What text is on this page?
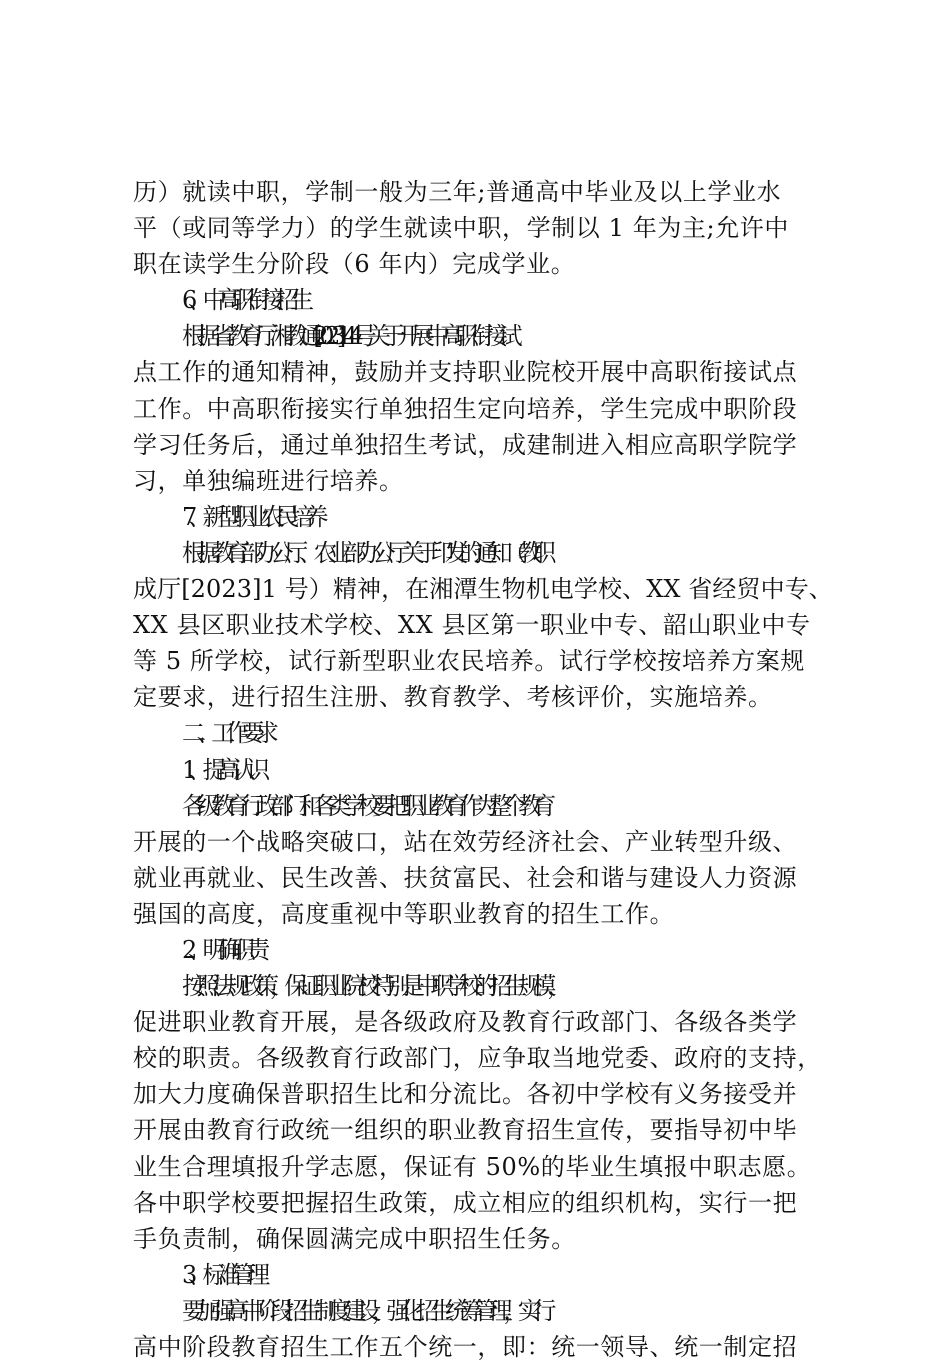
历）就读中职，学制一般为三年;普通高中毕业及以上学业水
平（或同等学力）的学生就读中职，学制以 1 年为主;允许中
职在读学生分阶段（6 年内）完成学业。
6、中高职衔接招生
根据省教育厅湘教通[2023]144 号关于开展中高职衔接试
点工作的通知精神，鼓励并支持职业院校开展中高职衔接试点
工作。中高职衔接实行单独招生定向培养，学生完成中职阶段
学习任务后，通过单独招生考试，成建制进入相应高职学院学
习，单独编班进行培养。
7、新型职业农民培养
根据教育部办公厅、农业部办公厅关于印发的通知（教职
成厅[2023]1 号）精神，在湘潭生物机电学校、XX 省经贸中专、
XX 县区职业技术学校、XX 县区第一职业中专、韶山职业中专
等 5 所学校，试行新型职业农民培养。试行学校按培养方案规
定要求，进行招生注册、教育教学、考核评价，实施培养。
二、工作要求
1、提高认识
各级教育行政部门和各类学校要把职业教育作为整个教育
开展的一个战略突破口，站在效劳经济社会、产业转型升级、
就业再就业、民生改善、扶贫富民、社会和谐与建设人力资源
强国的高度，高度重视中等职业教育的招生工作。
2、明确职责
按照法规政策，保证职业院校特别是中职学校的招生规模，
促进职业教育开展，是各级政府及教育行政部门、各级各类学
校的职责。各级教育行政部门，应争取当地党委、政府的支持，
加大力度确保普职招生比和分流比。各初中学校有义务接受并
开展由教育行政统一组织的职业教育招生宣传，要指导初中毕
业生合理填报升学志愿，保证有 50%的毕业生填报中职志愿。
各中职学校要把握招生政策，成立相应的组织机构，实行一把
手负责制，确保圆满完成中职招生任务。
3、标准管理
要加强高中阶段招生制度建设，强化招生统筹管理，实行
高中阶段教育招生工作五个统一，即：统一领导、统一制定招
